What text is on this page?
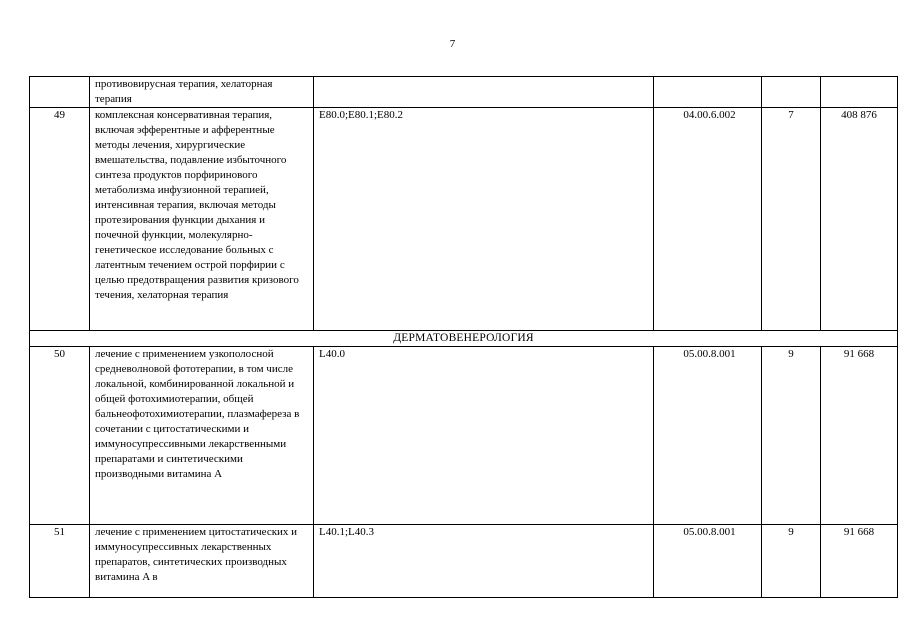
7
	противовирусная терапия, хелаторная терапия				
49	комплексная консервативная терапия, включая эфферентные и афферентные методы лечения, хирургические вмешательства, подавление избыточного синтеза продуктов порфиринового метаболизма инфузионной терапией, интенсивная терапия, включая методы протезирования функции дыхания и почечной функции, молекулярно-генетическое исследование больных с латентным течением острой порфирии с целью предотвращения развития кризового течения, хелаторная терапия	E80.0;E80.1;E80.2	04.00.6.002	7	408 876
ДЕРМАТОВЕНЕРОЛОГИЯ					
50	лечение с применением узкополосной средневолновой фототерапии, в том числе локальной, комбинированной локальной и общей фотохимиотерапии, общей бальнеофотохимиотерапии, плазмафереза в сочетании с цитостатическими и иммуносупрессивными лекарственными препаратами и синтетическими производными витамина A	L40.0	05.00.8.001	9	91 668
51	лечение с применением цитостатических и иммуносупрессивных лекарственных препаратов, синтетических производных витамина A в	L40.1;L40.3	05.00.8.001	9	91 668
